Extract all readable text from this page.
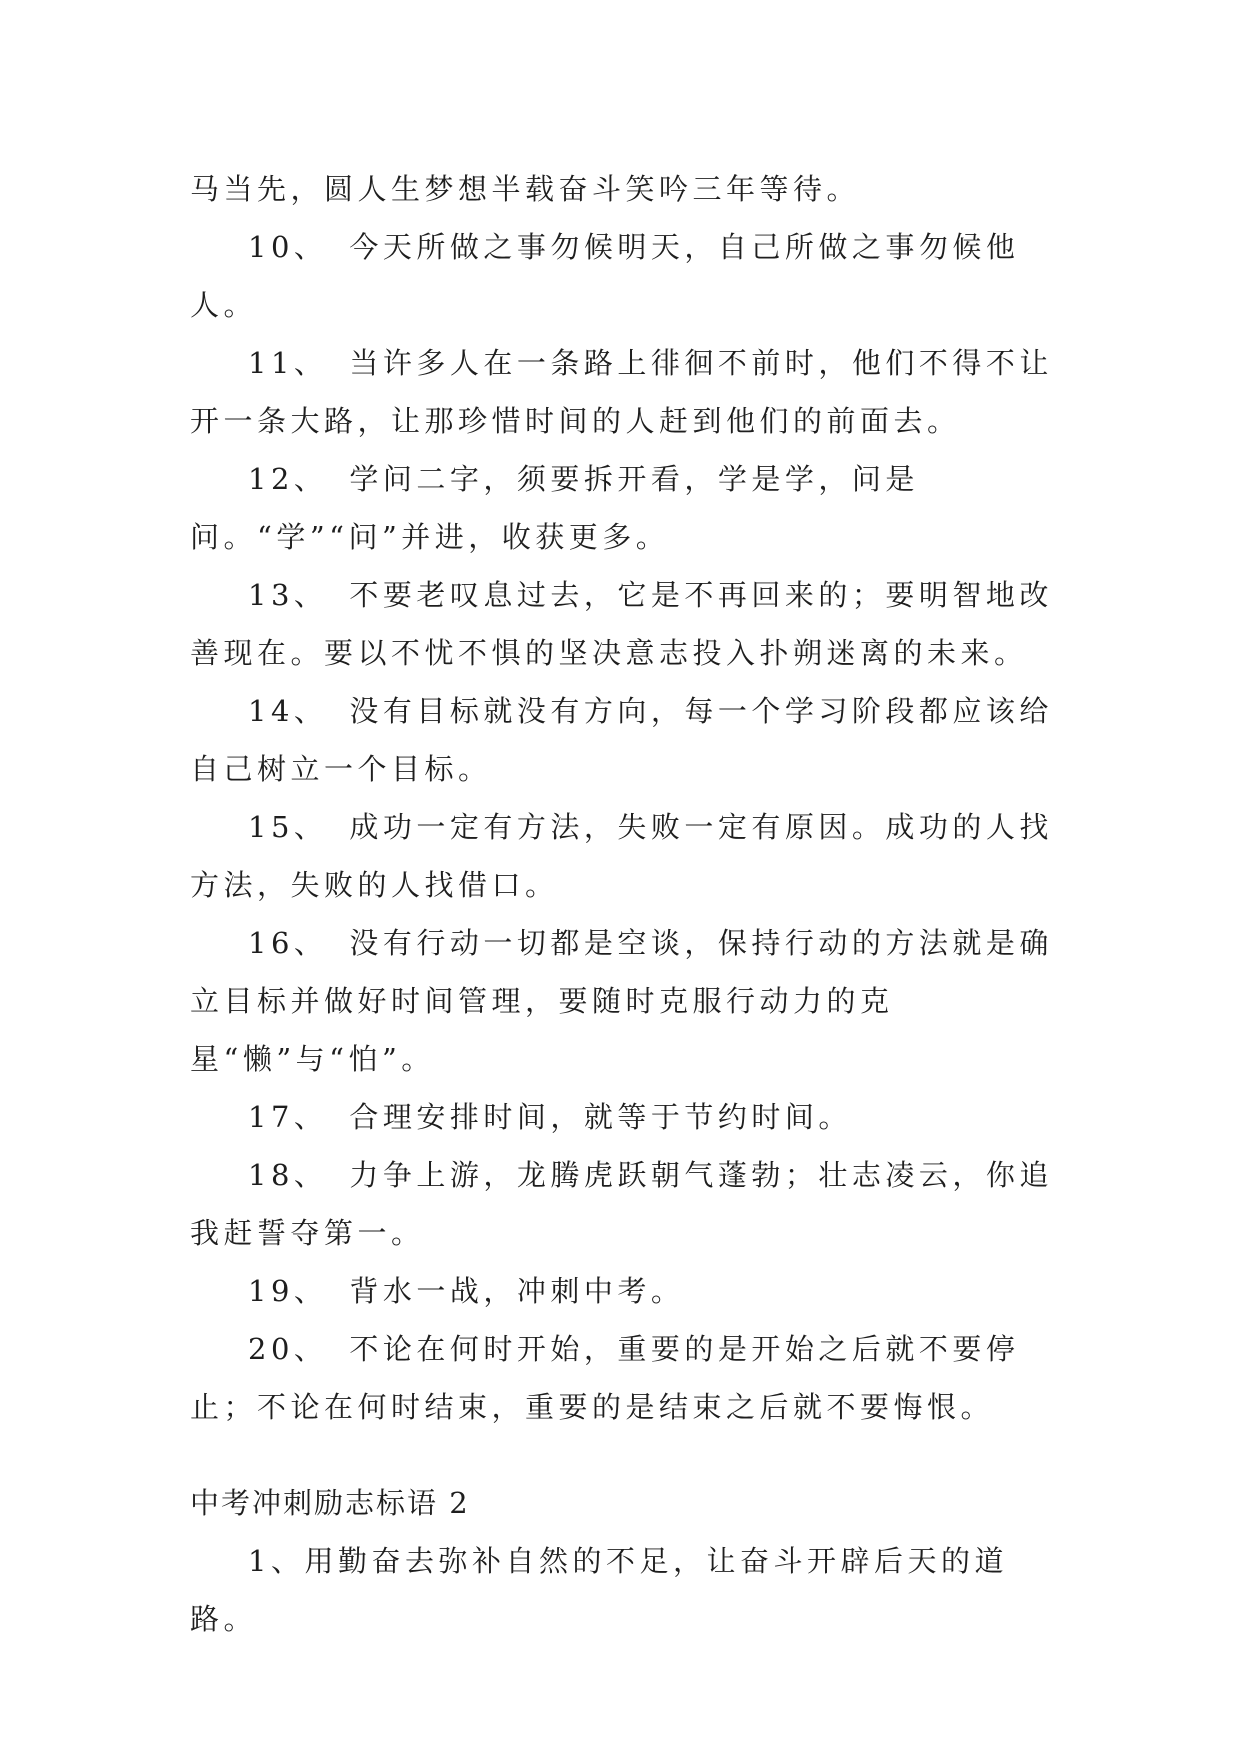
马当先，圆人生梦想半载奋斗笑吟三年等待。

10、 今天所做之事勿候明天，自己所做之事勿候他人。

11、 当许多人在一条路上徘徊不前时，他们不得不让开一条大路，让那珍惜时间的人赶到他们的前面去。

12、 学问二字，须要拆开看，学是学，问是问。“学”“问”并进，收获更多。

13、 不要老叹息过去，它是不再回来的；要明智地改善现在。要以不忧不惧的坚决意志投入扑朔迷离的未来。

14、 没有目标就没有方向，每一个学习阶段都应该给自己树立一个目标。

15、 成功一定有方法，失败一定有原因。成功的人找方法，失败的人找借口。

16、 没有行动一切都是空谈，保持行动的方法就是确立目标并做好时间管理，要随时克服行动力的克星“懒”与“怕”。

17、 合理安排时间，就等于节约时间。

18、 力争上游，龙腾虎跃朝气蓬勃；壮志凌云，你追我赶誓夺第一。

19、 背水一战，冲刺中考。

20、 不论在何时开始，重要的是开始之后就不要停止；不论在何时结束，重要的是结束之后就不要悔恨。

中考冲刺励志标语 2

1、用勤奋去弥补自然的不足，让奋斗开辟后天的道路。
